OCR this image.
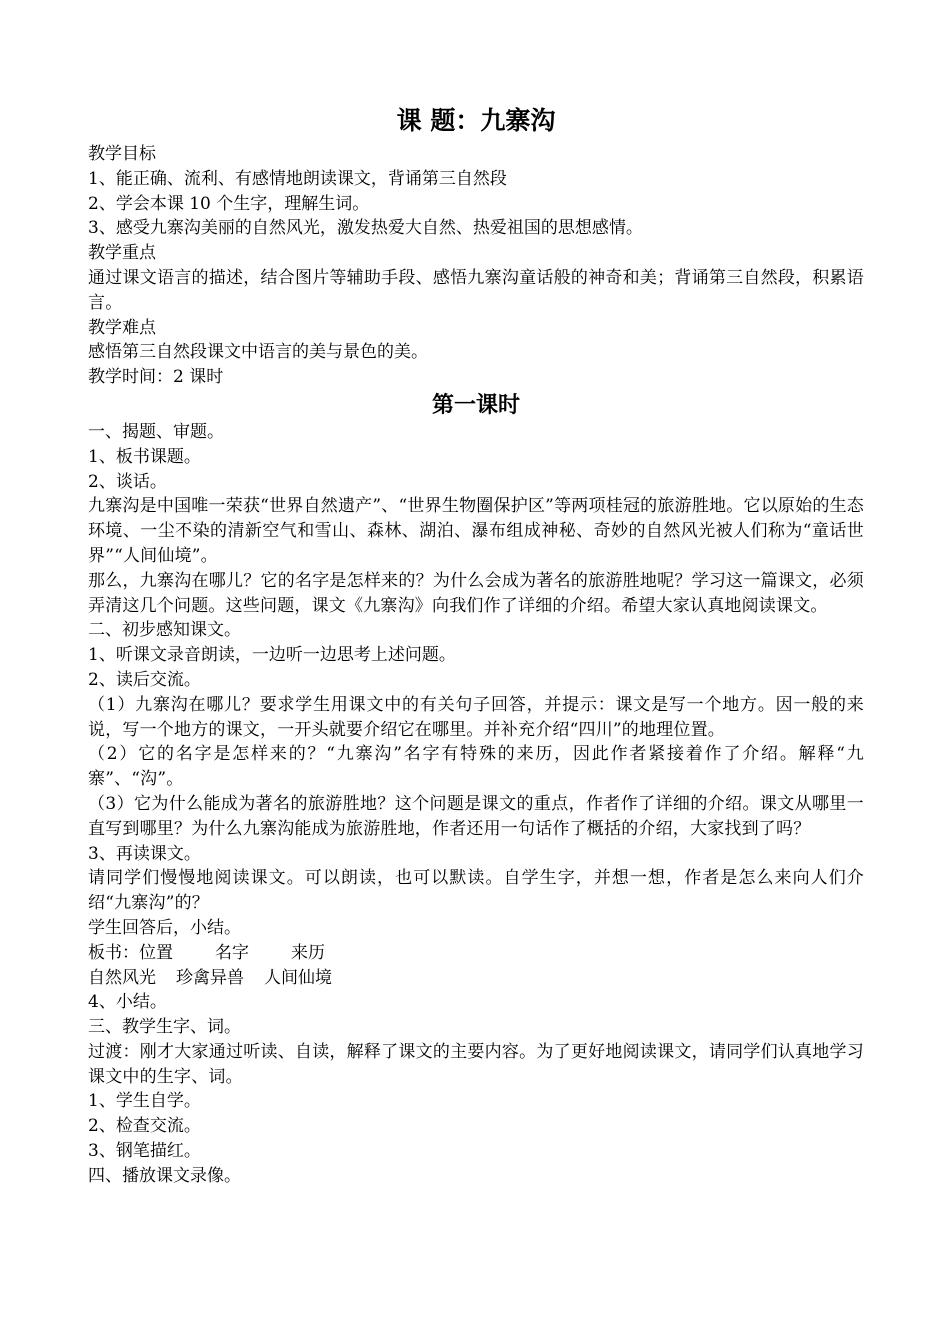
课 题：九寨沟

教学目标

1、能正确、流利、有感情地朗读课文，背诵第三自然段

2、学会本课 10 个生字，理解生词。

3、感受九寨沟美丽的自然风光，激发热爱大自然、热爱祖国的思想感情。

教学重点

通过课文语言的描述，结合图片等辅助手段、感悟九寨沟童话般的神奇和美；背诵第三自然段，积累语言。

教学难点

感悟第三自然段课文中语言的美与景色的美。

教学时间：2 课时

第一课时

一、揭题、审题。

1、板书课题。

2、谈话。

九寨沟是中国唯一荣获“世界自然遗产”、“世界生物圈保护区”等两项桂冠的旅游胜地。它以原始的生态环境、一尘不染的清新空气和雪山、森林、湖泊、瀑布组成神秘、奇妙的自然风光被人们称为“童话世界”“人间仙境”。

那么，九寨沟在哪儿？它的名字是怎样来的？为什么会成为著名的旅游胜地呢？学习这一篇课文，必须弄清这几个问题。这些问题，课文《九寨沟》向我们作了详细的介绍。希望大家认真地阅读课文。

二、初步感知课文。

1、听课文录音朗读，一边听一边思考上述问题。

2、读后交流。

（1）九寨沟在哪儿？要求学生用课文中的有关句子回答，并提示：课文是写一个地方。因一般的来说，写一个地方的课文，一开头就要介绍它在哪里。并补充介绍“四川”的地理位置。

（2）它的名字是怎样来的？“九寨沟”名字有特殊的来历，因此作者紧接着作了介绍。解释“九寨”、“沟”。

（3）它为什么能成为著名的旅游胜地？这个问题是课文的重点，作者作了详细的介绍。课文从哪里一直写到哪里？为什么九寨沟能成为旅游胜地，作者还用一句话作了概括的介绍，大家找到了吗？

3、再读课文。

请同学们慢慢地阅读课文。可以朗读，也可以默读。自学生字，并想一想，作者是怎么来向人们介绍“九寨沟”的？

学生回答后，小结。

板书：位置 名字 来历

自然风光 珍禽异兽 人间仙境

4、小结。

三、教学生字、词。

过渡：刚才大家通过听读、自读，解释了课文的主要内容。为了更好地阅读课文，请同学们认真地学习课文中的生字、词。

1、学生自学。

2、检查交流。

3、钢笔描红。

四、播放课文录像。
